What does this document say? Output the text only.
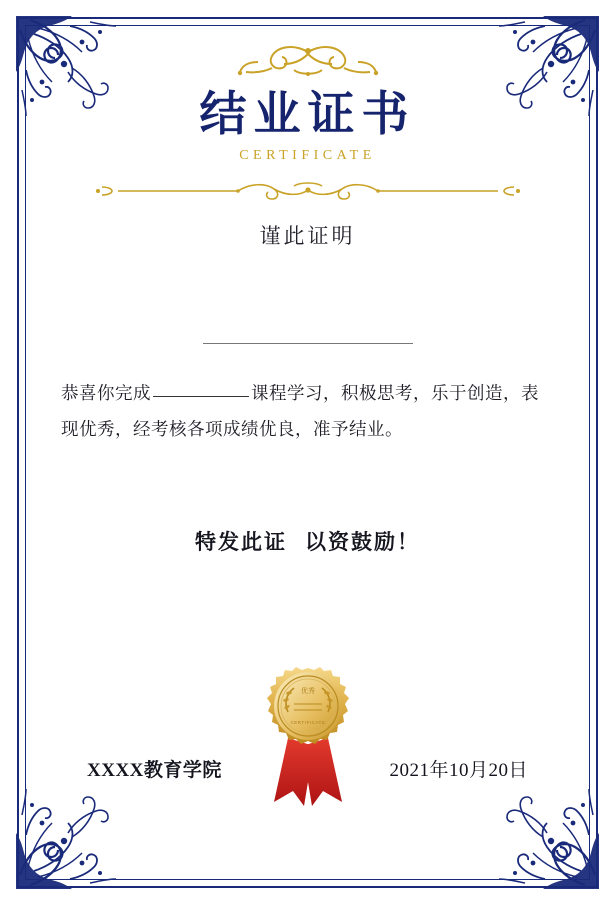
结业证书
CERTIFICATE
谨此证明
恭喜你完成	课程学习，积极思考，乐于创造，表现优秀，经考核各项成绩优良，准予结业。
特发此证 以资鼓励！
XXXX教育学院	2021年10月20日
优秀
CERTIFICATE
